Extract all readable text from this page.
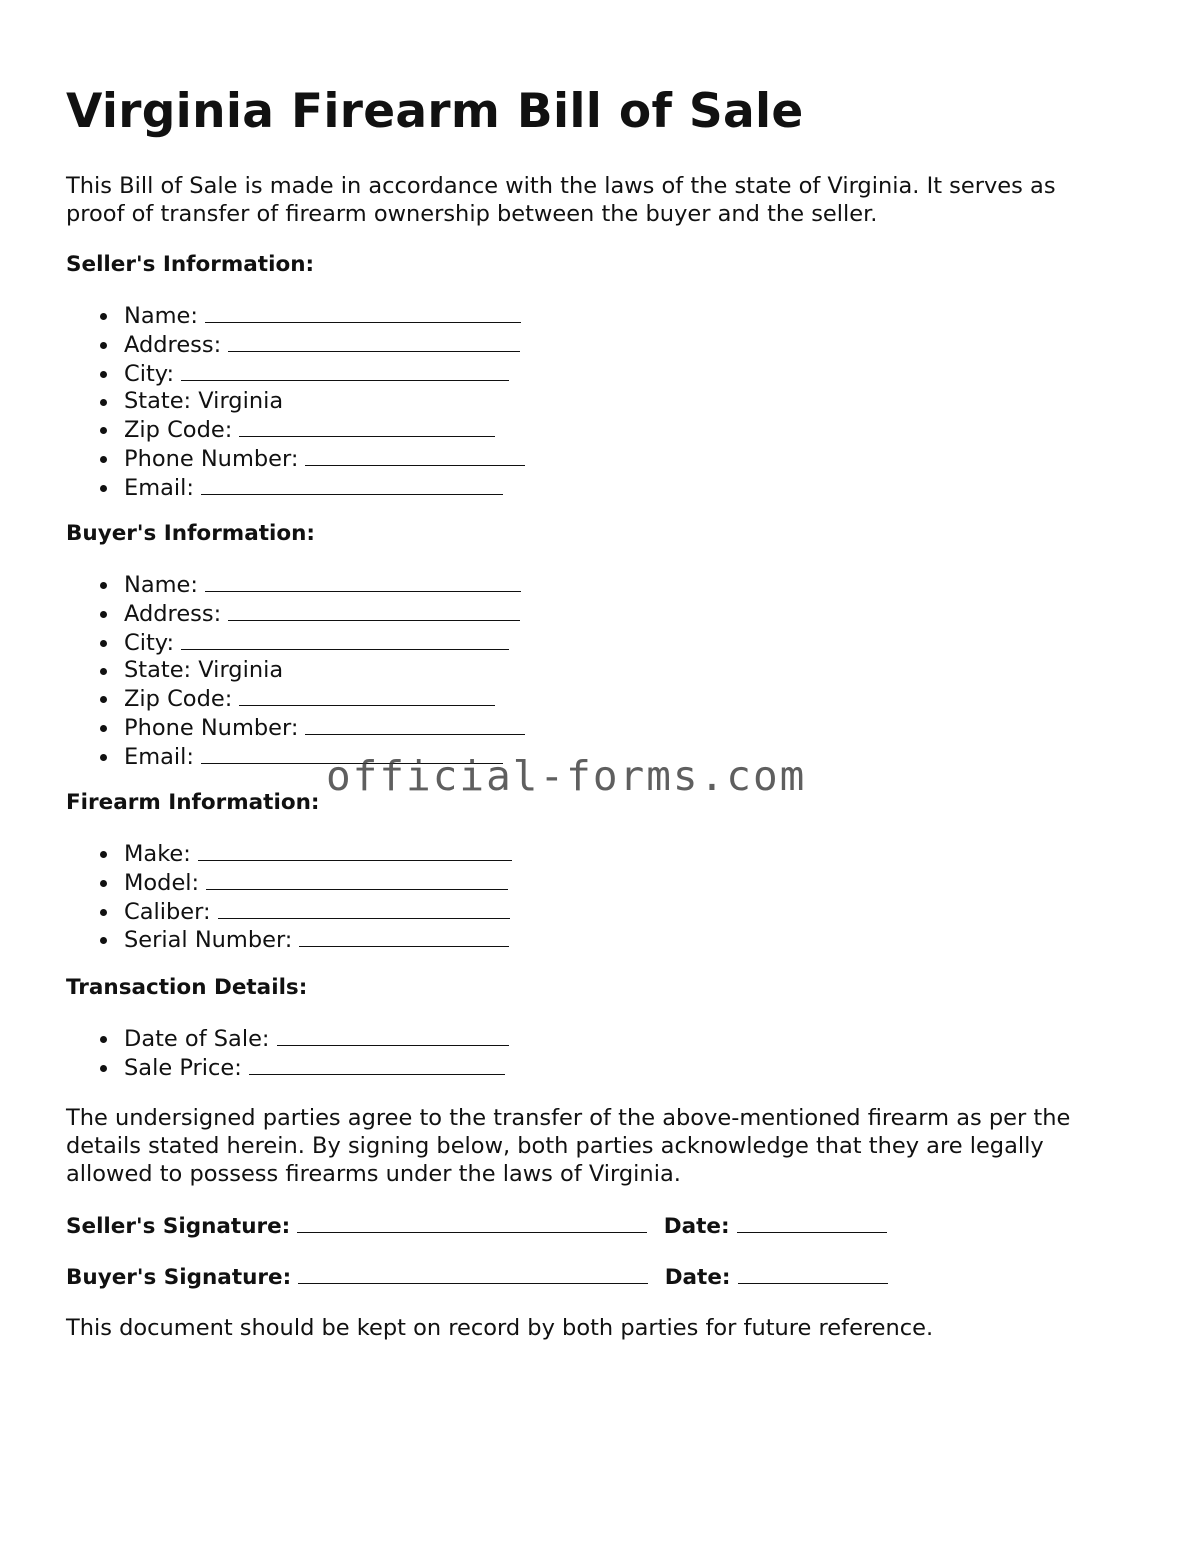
Virginia Firearm Bill of Sale

This Bill of Sale is made in accordance with the laws of the state of Virginia. It serves as proof of transfer of firearm ownership between the buyer and the seller.

Seller's Information:

Name:
Address:
City:
State: Virginia
Zip Code:
Phone Number:
Email:

Buyer's Information:

Name:
Address:
City:
State: Virginia
Zip Code:
Phone Number:
Email:

Firearm Information:

Make:
Model:
Caliber:
Serial Number:

Transaction Details:

Date of Sale:
Sale Price:

The undersigned parties agree to the transfer of the above-mentioned firearm as per the details stated herein. By signing below, both parties acknowledge that they are legally allowed to possess firearms under the laws of Virginia.

Seller's Signature:	Date:

Buyer's Signature:	Date:

This document should be kept on record by both parties for future reference.

official-forms.com
